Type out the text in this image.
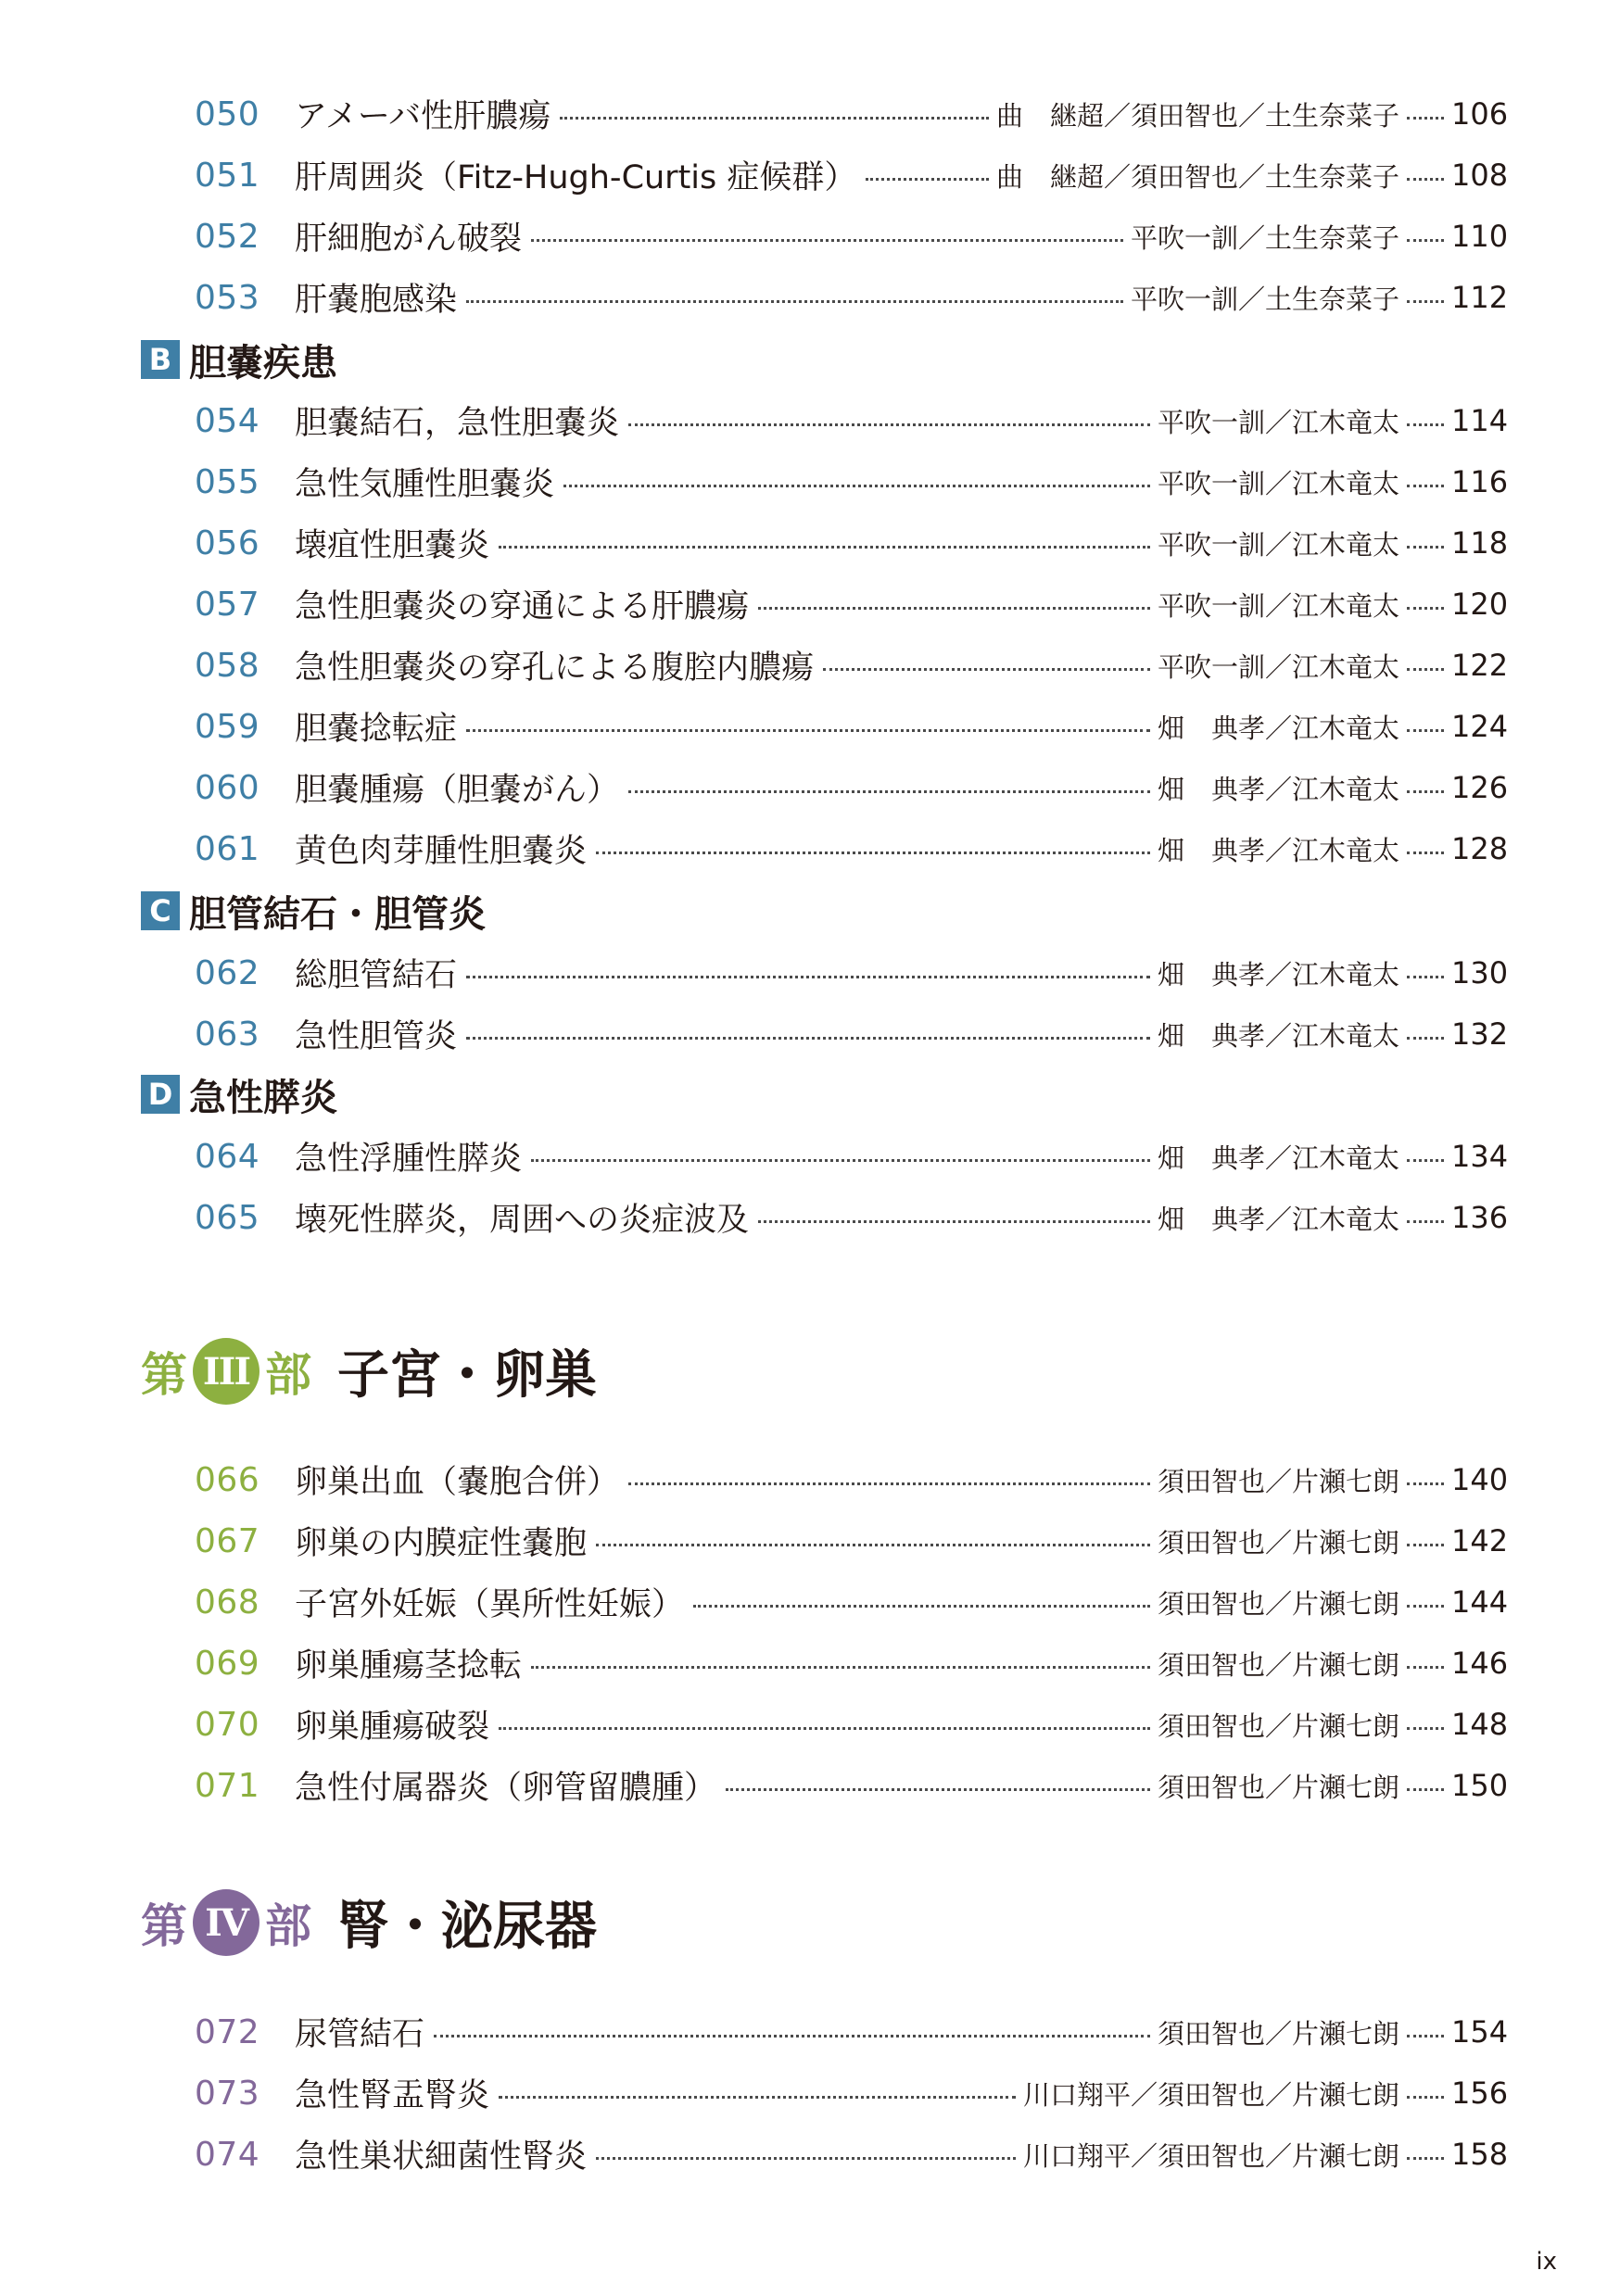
050	アメーバ性肝膿瘍	曲　継超／須田智也／土生奈菜子 106
051	肝周囲炎（Fitz-Hugh-Curtis 症候群）	曲　継超／須田智也／土生奈菜子 108
052	肝細胞がん破裂	平吹一訓／土生奈菜子 110
053	肝嚢胞感染	平吹一訓／土生奈菜子 112
B 胆嚢疾患
054	胆嚢結石，急性胆嚢炎	平吹一訓／江木竜太 114
055	急性気腫性胆嚢炎	平吹一訓／江木竜太 116
056	壊疽性胆嚢炎	平吹一訓／江木竜太 118
057	急性胆嚢炎の穿通による肝膿瘍	平吹一訓／江木竜太 120
058	急性胆嚢炎の穿孔による腹腔内膿瘍	平吹一訓／江木竜太 122
059	胆嚢捻転症	畑　典孝／江木竜太 124
060	胆嚢腫瘍（胆嚢がん）	畑　典孝／江木竜太 126
061	黄色肉芽腫性胆嚢炎	畑　典孝／江木竜太 128
C 胆管結石・胆管炎
062	総胆管結石	畑　典孝／江木竜太 130
063	急性胆管炎	畑　典孝／江木竜太 132
D 急性膵炎
064	急性浮腫性膵炎	畑　典孝／江木竜太 134
065	壊死性膵炎，周囲への炎症波及	畑　典孝／江木竜太 136
第 III 部 子宮・卵巣
066	卵巣出血（嚢胞合併）	須田智也／片瀬七朗 140
067	卵巣の内膜症性嚢胞	須田智也／片瀬七朗 142
068	子宮外妊娠（異所性妊娠）	須田智也／片瀬七朗 144
069	卵巣腫瘍茎捻転	須田智也／片瀬七朗 146
070	卵巣腫瘍破裂	須田智也／片瀬七朗 148
071	急性付属器炎（卵管留膿腫）	須田智也／片瀬七朗 150
第 IV 部 腎・泌尿器
072	尿管結石	須田智也／片瀬七朗 154
073	急性腎盂腎炎	川口翔平／須田智也／片瀬七朗 156
074	急性巣状細菌性腎炎	川口翔平／須田智也／片瀬七朗 158
ix
